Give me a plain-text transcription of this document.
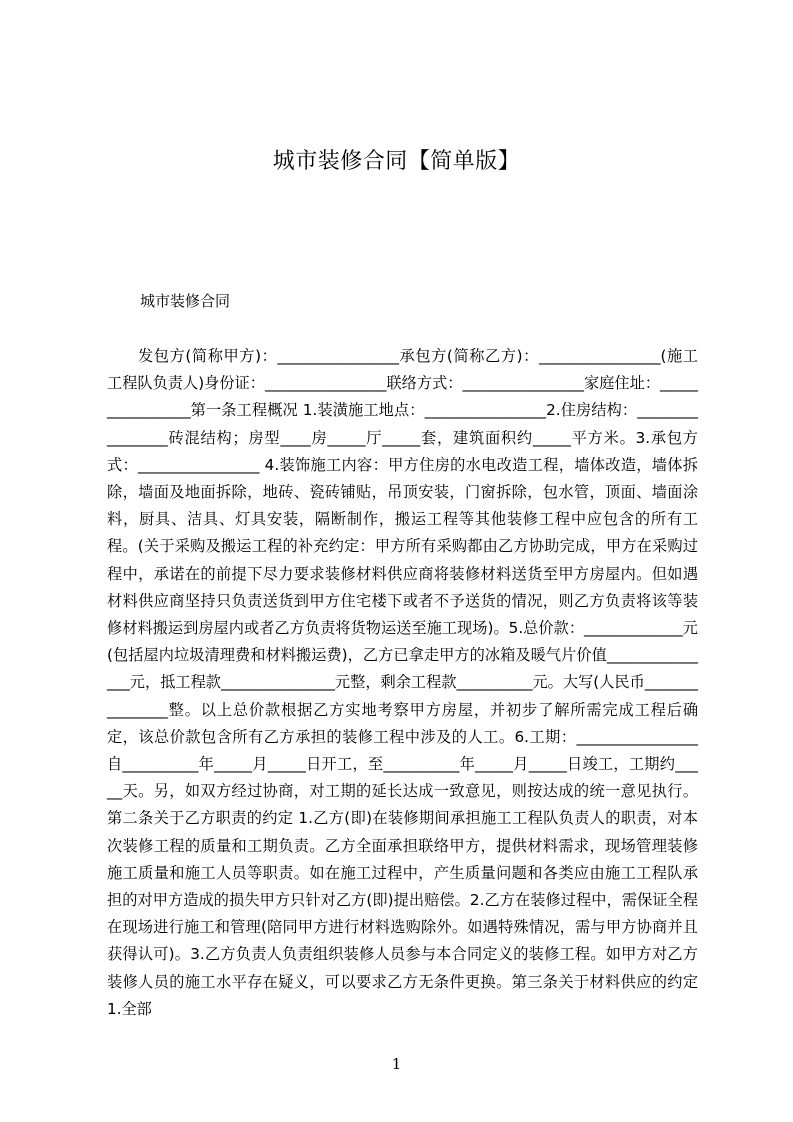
城市装修合同【简单版】

城市装修合同

发包方(简称甲方)：________________承包方(简称乙方)：________________(施工工程队负责人)身份证：________________联络方式：________________家庭住址：________________第一条工程概况 1.装潢施工地点：________________2.住房结构：________________砖混结构；房型____房_____厅_____套，建筑面积约_____平方米。3.承包方式：________________ 4.装饰施工内容：甲方住房的水电改造工程，墙体改造，墙体拆除，墙面及地面拆除，地砖、瓷砖铺贴，吊顶安装，门窗拆除，包水管，顶面、墙面涂料，厨具、洁具、灯具安装，隔断制作，搬运工程等其他装修工程中应包含的所有工程。(关于采购及搬运工程的补充约定：甲方所有采购都由乙方协助完成，甲方在采购过程中，承诺在的前提下尽力要求装修材料供应商将装修材料送货至甲方房屋内。但如遇材料供应商坚持只负责送货到甲方住宅楼下或者不予送货的情况，则乙方负责将该等装修材料搬运到房屋内或者乙方负责将货物运送至施工现场)。5.总价款：_____________元(包括屋内垃圾清理费和材料搬运费)，乙方已拿走甲方的冰箱及暖气片价值_______________元，抵工程款_______________元整，剩余工程款__________元。大写(人民币_______________整。以上总价款根据乙方实地考察甲方房屋，并初步了解所需完成工程后确定，该总价款包含所有乙方承担的装修工程中涉及的人工。6.工期：________________自__________年_____月_____日开工，至__________年_____月_____日竣工，工期约_____天。另，如双方经过协商，对工期的延长达成一致意见，则按达成的统一意见执行。第二条关于乙方职责的约定 1.乙方(即)在装修期间承担施工工程队负责人的职责，对本次装修工程的质量和工期负责。乙方全面承担联络甲方，提供材料需求，现场管理装修施工质量和施工人员等职责。如在施工过程中，产生质量问题和各类应由施工工程队承担的对甲方造成的损失甲方只针对乙方(即)提出赔偿。2.乙方在装修过程中，需保证全程在现场进行施工和管理(陪同甲方进行材料选购除外。如遇特殊情况，需与甲方协商并且获得认可)。3.乙方负责人负责组织装修人员参与本合同定义的装修工程。如甲方对乙方装修人员的施工水平存在疑义，可以要求乙方无条件更换。第三条关于材料供应的约定 1.全部

1
